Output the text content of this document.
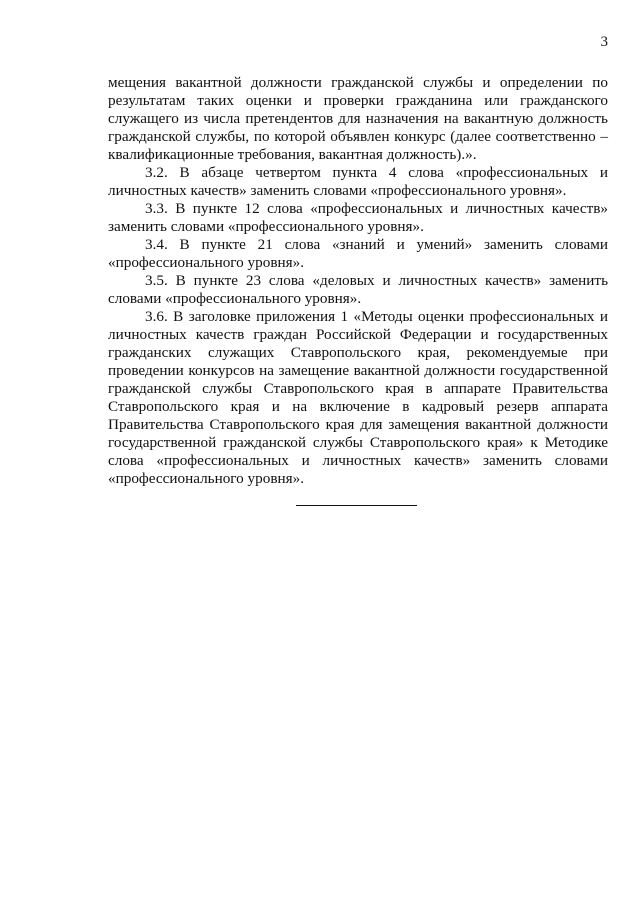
3

мещения вакантной должности гражданской службы и определении по результатам таких оценки и проверки гражданина или гражданского служащего из числа претендентов для назначения на вакантную должность гражданской службы, по которой объявлен конкурс (далее соответственно – квалификационные требования, вакантная должность).».

3.2. В абзаце четвертом пункта 4 слова «профессиональных и личностных качеств» заменить словами «профессионального уровня».

3.3. В пункте 12 слова «профессиональных и личностных качеств» заменить словами «профессионального уровня».

3.4. В пункте 21 слова «знаний и умений» заменить словами «профессионального уровня».

3.5. В пункте 23 слова «деловых и личностных качеств» заменить словами «профессионального уровня».

3.6. В заголовке приложения 1 «Методы оценки профессиональных и личностных качеств граждан Российской Федерации и государственных гражданских служащих Ставропольского края, рекомендуемые при проведении конкурсов на замещение вакантной должности государственной гражданской службы Ставропольского края в аппарате Правительства Ставропольского края и на включение в кадровый резерв аппарата Правительства Ставропольского края для замещения вакантной должности государственной гражданской службы Ставропольского края» к Методике слова «профессиональных и личностных качеств» заменить словами «профессионального уровня».
